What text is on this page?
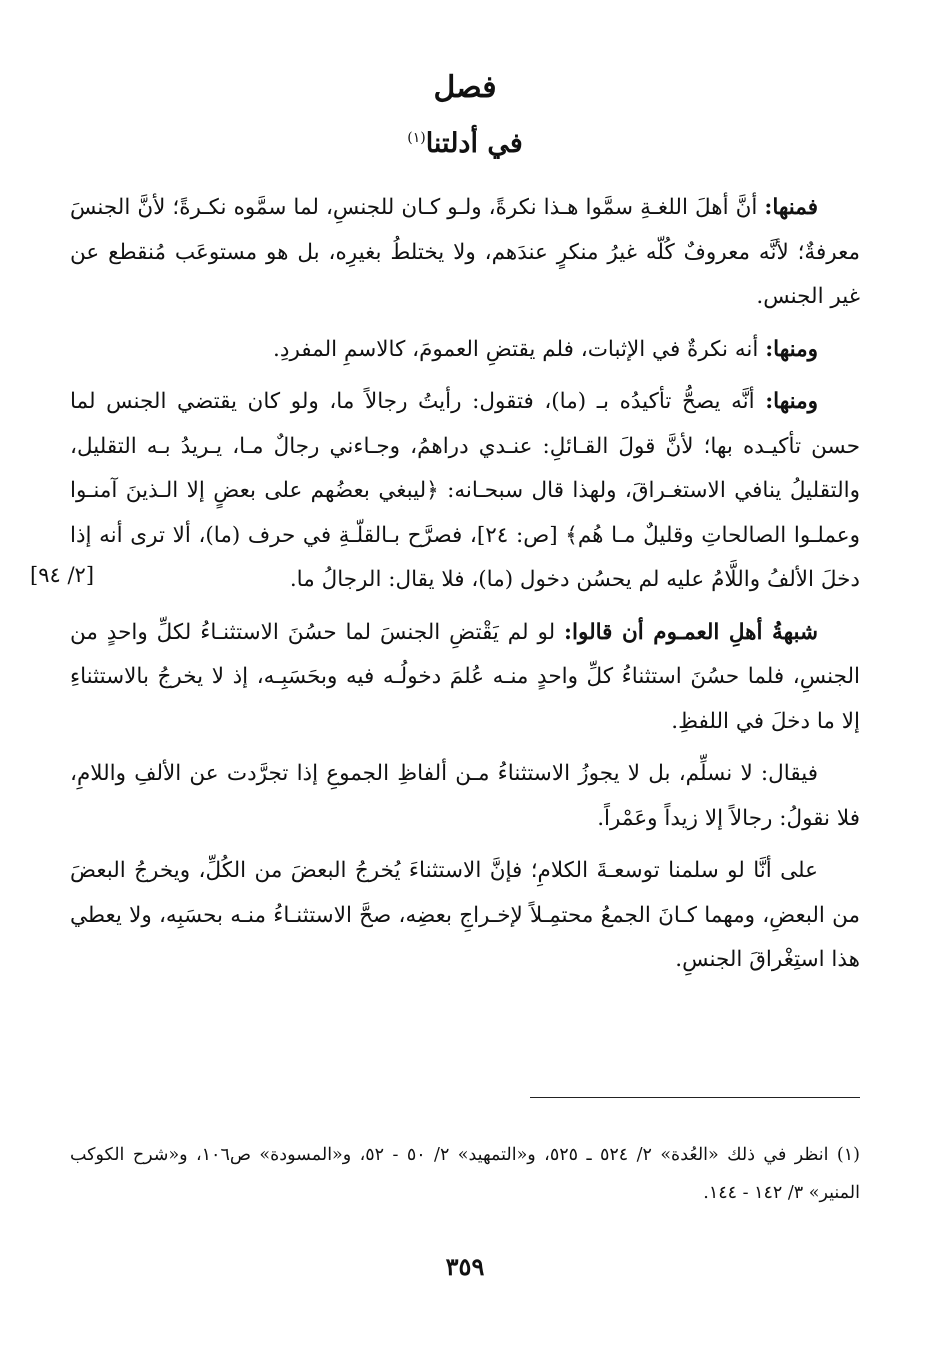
فصل
في أدلتنا$^{(١)}$

فمنها: أنَّ أهلَ اللغـةِ سمَّوا هـذا نكرةً، ولـو كـان للجنسِ، لما سمَّوه نكـرةً؛ لأنَّ الجنسَ معرفةٌ؛ لأنَّه معروفٌ كُلّه غيرُ منكرٍ عندَهم، ولا يختلطُ بغيرِه، بل هو مستوعَب مُنقطع عن غير الجنس.

ومنها: أنه نكرةٌ في الإثبات، فلم يقتضِ العمومَ، كالاسمِ المفردِ.

ومنها: أنَّه يصحُّ تأكيدُه بـ (ما)، فتقول: رأيتُ رجالاً ما، ولو كان يقتضي الجنس لما حسن تأكيـده بها؛ لأنَّ قولَ القـائلِ: عنـدي دراهمُ، وجـاءني رجالٌ مـا، يـريدُ بـه التقليل، والتقليلُ ينافي الاستغـراقَ، ولهذا قال سبحـانه: ﴿ليبغي بعضُهم على بعضٍ إلا الـذينَ آمنـوا وعملـوا الصالحاتِ وقليلٌ مـا هُم﴾ [ص: ٢٤]، فصرَّح بـالقلّـةِ في حرف (ما)، ألا ترى أنه إذا دخلَ الألفُ واللَّامُ عليه لم يحسُن دخول (ما)، فلا يقال: الرجالُ ما.

شبهةُ أهلِ العمـوم أن قالوا: لو لم يَقْتضِ الجنسَ لما حسُنَ الاستثنـاءُ لكلِّ واحدٍ من الجنسِ، فلما حسُنَ استثناءُ كلِّ واحدٍ منـه عُلمَ دخولُـه فيه وبحَسَبِـه، إذ لا يخرجُ بالاستثناءِ إلا ما دخلَ في اللفظِ.

فيقال: لا نسلِّم، بل لا يجوزُ الاستثناءُ مـن ألفاظِ الجموعِ إذا تجرَّدت عن الألفِ واللامِ، فلا نقولُ: رجالاً إلا زيداً وعَمْراً.

على أنَّا لو سلمنا توسعـةَ الكلامِ؛ فإنَّ الاستثناءَ يُخرجُ البعضَ من الكُلِّ، ويخرجُ البعضَ من البعضِ، ومهما كـانَ الجمعُ محتمِـلاً لإخـراجِ بعضِه، صحَّ الاستثنـاءُ منـه بحسَبِه، ولا يعطي هذا استِغْراقَ الجنسِ.

[٢/ ٩٤]

(١) انظر في ذلك «العُدة» ٢/ ٥٢٤ ـ ٥٢٥، و«التمهيد» ٢/ ٥٠ - ٥٢، و«المسودة» ص١٠٦، و«شرح الكوكب المنير» ٣/ ١٤٢ - ١٤٤.

٣٥٩
